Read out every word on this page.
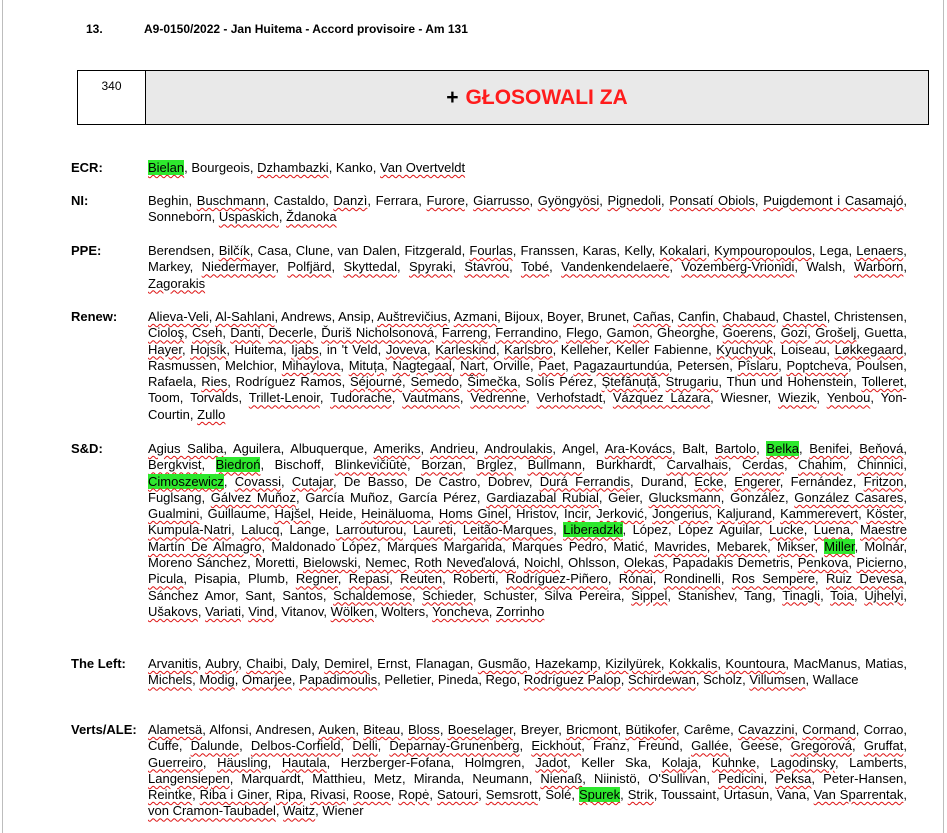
13.	A9-0150/2022 - Jan Huitema - Accord provisoire - Am 131
340	+ GŁOSOWALI ZA
ECR:	Bielan, Bourgeois, Dzhambazki, Kanko, Van Overtveldt
NI:	Beghin, Buschmann, Castaldo, Danzì, Ferrara, Furore, Giarrusso, Gyöngyösi, Pignedoli, Ponsatí Obiols, Puigdemont i Casamajó, Sonneborn, Uspaskich, Ždanoka
PPE:	Berendsen, Bilčík, Casa, Clune, van Dalen, Fitzgerald, Fourlas, Franssen, Karas, Kelly, Kokalari, Kympouropoulos, Lega, Lenaers, Markey, Niedermayer, Polfjärd, Skyttedal, Spyraki, Stavrou, Tobé, Vandenkendelaere, Vozemberg-Vrionidi, Walsh, Warborn, Zagorakis
Renew: Alieva-Veli, Al-Sahlani, Andrews, Ansip, Auštrevičius, Azmani, Bijoux, Boyer, Brunet, Cañas, Canfin, Chabaud, Chastel, Christensen, Cioloş, Cseh, Danti, Decerle, Ďuriš Nicholsonová, Farreng, Ferrandino, Flego, Gamon, Gheorghe, Goerens, Gozi, Grošelj, Guetta, Hayer, Hojsík, Huitema, Ijabs, in 't Veld, Joveva, Karleskind, Karlsbro, Kelleher, Keller Fabienne, Kyuchyuk, Loiseau, Løkkegaard, Rasmussen, Melchior, Mihaylova, Mituța, Nagtegaal, Nart, Orville, Paet, Pagazaurtundúa, Petersen, Pîslaru, Poptcheva, Poulsen, Rafaela, Ries, Rodríguez Ramos, Séjourné, Semedo, Šimečka, Solís Pérez, Ștefănuță, Strugariu, Thun und Hohenstein, Tolleret, Toom, Torvalds, Trillet-Lenoir, Tudorache, Vautmans, Vedrenne, Verhofstadt, Vázquez Lázara, Wiesner, Wiezik, Yenbou, Yon-Courtin, Zullo
S&D:	Agius Saliba, Aguilera, Albuquerque, Ameriks, Andrieu, Androulakis, Angel, Ara-Kovács, Balt, Bartolo, Belka, Benifei, Beňová, Bergkvist, Biedroń, Bischoff, Blinkevičiūtė, Borzan, Brglez, Bullmann, Burkhardt, Carvalhais, Cerdas, Chahim, Chinnici, Cimoszewicz, Covassi, Cutajar, De Basso, De Castro, Dobrev, Durá Ferrandis, Durand, Ecke, Engerer, Fernández, Fritzon, Fuglsang, Gálvez Muñoz, García Muñoz, García Pérez, Gardiazabal Rubial, Geier, Glucksmann, González, González Casares, Gualmini, Guillaume, Hajšel, Heide, Heinäluoma, Homs Ginel, Hristov, Incir, Jerković, Jongerius, Kaljurand, Kammerevert, Köster, Kumpula-Natri, Lalucq, Lange, Larrouturou, Laureti, Leitão-Marques, Liberadzki, López, López Aguilar, Lucke, Luena, Maestre Martín De Almagro, Maldonado López, Marques Margarida, Marques Pedro, Matić, Mavrides, Mebarek, Mikser, Miller, Molnár, Moreno Sánchez, Moretti, Bielowski, Nemec, Roth Neveďalová, Noichl, Ohlsson, Olekas, Papadakis Demetris, Penkova, Picierno, Picula, Pisapia, Plumb, Regner, Repasi, Reuten, Roberti, Rodríguez-Piñero, Rónai, Rondinelli, Ros Sempere, Ruiz Devesa, Sánchez Amor, Sant, Santos, Schaldemose, Schieder, Schuster, Silva Pereira, Sippel, Stanishev, Tang, Tinagli, Toia, Ujhelyi, Ušakovs, Variati, Vind, Vitanov, Wölken, Wolters, Yoncheva, Zorrinho
The Left: Arvanitis, Aubry, Chaibi, Daly, Demirel, Ernst, Flanagan, Gusmão, Hazekamp, Kizilyürek, Kokkalis, Kountoura, MacManus, Matias, Michels, Modig, Omarjee, Papadimoulis, Pelletier, Pineda, Rego, Rodríguez Palop, Schirdewan, Scholz, Villumsen, Wallace
Verts/ALE: Alametsä, Alfonsi, Andresen, Auken, Biteau, Bloss, Boeselager, Breyer, Bricmont, Bütikofer, Carême, Cavazzini, Cormand, Corrao, Cuffe, Dalunde, Delbos-Corfield, Delli, Deparnay-Grunenberg, Eickhout, Franz, Freund, Gallée, Geese, Gregorová, Gruffat, Guerreiro, Häusling, Hautala, Herzberger-Fofana, Holmgren, Jadot, Keller Ska, Kolaja, Kuhnke, Lagodinsky, Lamberts, Langensiepen, Marquardt, Matthieu, Metz, Miranda, Neumann, Nienaß, Niinistö, O'Sullivan, Pedicini, Peksa, Peter-Hansen, Reintke, Riba i Giner, Ripa, Rivasi, Roose, Ropė, Satouri, Semsrott, Solé, Spurek, Strik, Toussaint, Urtasun, Vana, Van Sparrentak, von Cramon-Taubadel, Waitz, Wiener
